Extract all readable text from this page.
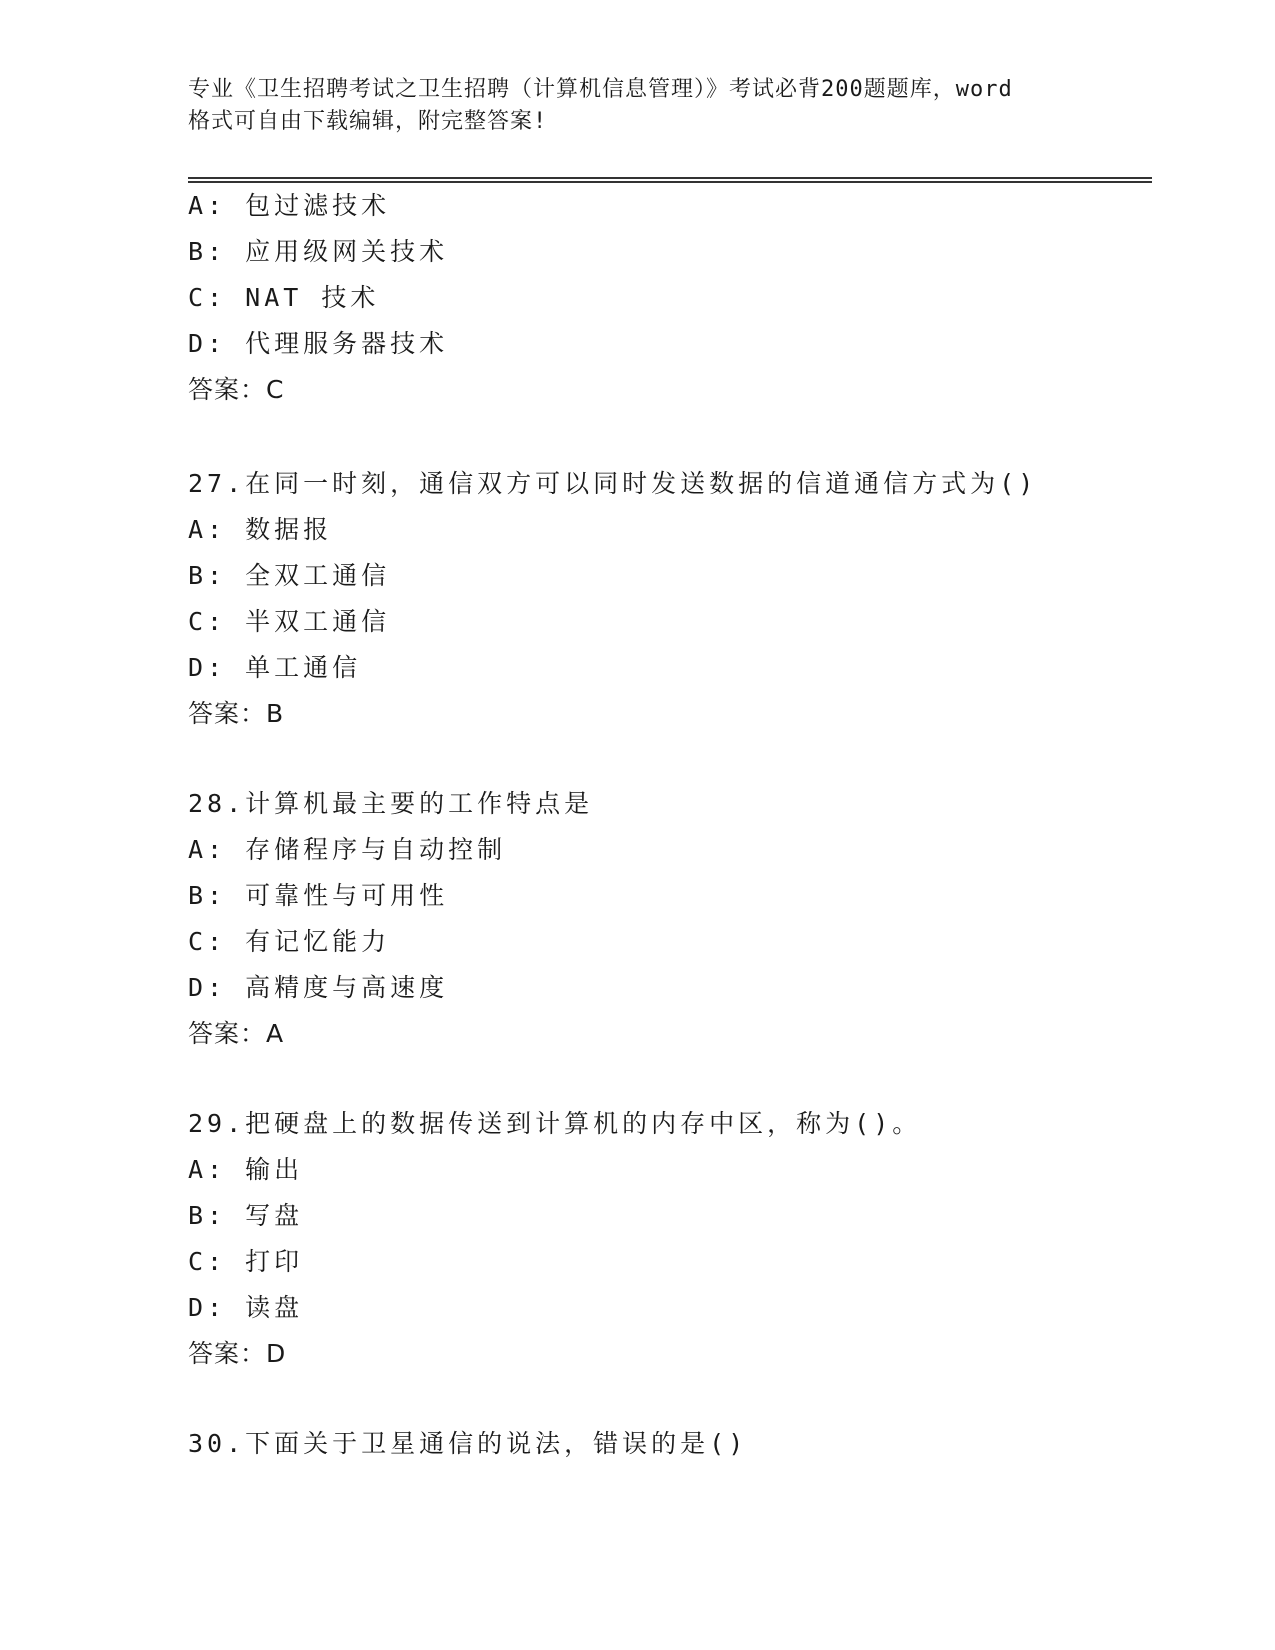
专业《卫生招聘考试之卫生招聘（计算机信息管理）》考试必背200题题库，word
格式可自由下载编辑，附完整答案!
A: 包过滤技术
B: 应用级网关技术
C: NAT 技术
D: 代理服务器技术
答案：C
27.在同一时刻，通信双方可以同时发送数据的信道通信方式为()
A: 数据报
B: 全双工通信
C: 半双工通信
D: 单工通信
答案：B
28.计算机最主要的工作特点是
A: 存储程序与自动控制
B: 可靠性与可用性
C: 有记忆能力
D: 高精度与高速度
答案：A
29.把硬盘上的数据传送到计算机的内存中区，称为()。
A: 输出
B: 写盘
C: 打印
D: 读盘
答案：D
30.下面关于卫星通信的说法，错误的是()
